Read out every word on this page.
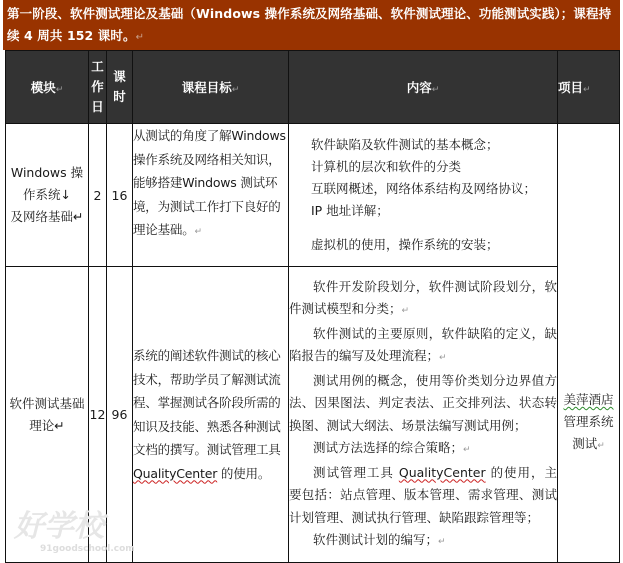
第一阶段、软件测试理论及基础（Windows 操作系统及网络基础、软件测试理论、功能测试实践）；课程持续 4 周共 152 课时。↵
模块↵	工
作
日	课
时	课程目标↵	内容↵	项目↵
Windows 操
作系统↓
及网络基础↵	2	16	从测试的角度了解Windows操作系统及网络相关知识，能够搭建Windows 测试环境，为测试工作打下良好的理论基础。↵	

软件缺陷及软件测试的基本概念；

计算机的层次和软件的分类

互联网概述，网络体系结构及网络协议；

IP 地址详解；

虚拟机的使用，操作系统的安装；

	美萍酒店
管理系统
测试↵
软件测试基础
理论↵	12	96	系统的阐述软件测试的核心技术，帮助学员了解测试流程、掌握测试各阶段所需的知识及技能、熟悉各种测试文档的撰写。测试管理工具 QualityCenter 的使用。	

软件开发阶段划分，软件测试阶段划分，软件测试模型和分类；↵

软件测试的主要原则，软件缺陷的定义，缺陷报告的编写及处理流程；↵

测试用例的概念，使用等价类划分边界值方法、因果图法、判定表法、正交排列法、状态转换图、测试大纲法、场景法编写测试用例；

测试方法选择的综合策略；↵

测试管理工具 QualityCenter 的使用，主要包括：站点管理、版本管理、需求管理、测试计划管理、测试执行管理、缺陷跟踪管理等；

软件测试计划的编写；↵

好学校
91goodschool.com
